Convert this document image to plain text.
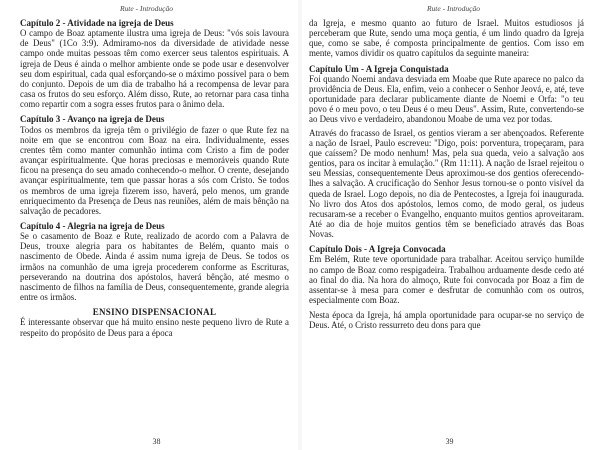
Rute - Introdução
Capítulo 2 - Atividade na igreja de Deus

O campo de Boaz aptamente ilustra uma igreja de Deus: "vós sois lavoura de Deus" (1Co 3:9). Admiramo-nos da diversidade de atividade nesse campo onde muitas pessoas têm como exercer seus talentos espirituais. A igreja de Deus é ainda o melhor ambiente onde se pode usar e desenvolver seu dom espiritual, cada qual esforçando-se o máximo possível para o bem do conjunto. Depois de um dia de trabalho há a recompensa de levar para casa os frutos do seu esforço. Além disso, Rute, ao retornar para casa tinha como repartir com a sogra esses frutos para o ânimo dela.

Capítulo 3 - Avanço na igreja de Deus

Todos os membros da igreja têm o privilégio de fazer o que Rute fez na noite em que se encontrou com Boaz na eira. Individualmente, esses crentes têm como manter comunhão íntima com Cristo a fim de poder avançar espiritualmente. Que horas preciosas e memoráveis quando Rute ficou na presença do seu amado conhecendo-o melhor. O crente, desejando avançar espiritualmente, tem que passar horas a sós com Cristo. Se todos os membros de uma igreja fizerem isso, haverá, pelo menos, um grande enriquecimento da Presença de Deus nas reuniões, além de mais bênção na salvação de pecadores.

Capítulo 4 - Alegria na igreja de Deus

Se o casamento de Boaz e Rute, realizado de acordo com a Palavra de Deus, trouxe alegria para os habitantes de Belém, quanto mais o nascimento de Obede. Ainda é assim numa igreja de Deus. Se todos os irmãos na comunhão de uma igreja procederem conforme as Escrituras, perseverando na doutrina dos apóstolos, haverá bênção, até mesmo o nascimento de filhos na família de Deus, consequentemente, grande alegria entre os irmãos.

ENSINO DISPENSACIONAL

É interessante observar que há muito ensino neste pequeno livro de Rute a respeito do propósito de Deus para a época

38
Rute - Introdução

da Igreja, e mesmo quanto ao futuro de Israel. Muitos estudiosos já perceberam que Rute, sendo uma moça gentia, é um lindo quadro da Igreja que, como se sabe, é composta principalmente de gentios. Com isso em mente, vamos dividir os quatro capítulos da seguinte maneira:

Capítulo Um - A Igreja Conquistada

Foi quando Noemi andava desviada em Moabe que Rute aparece no palco da providência de Deus. Ela, enfim, veio a conhecer o Senhor Jeová, e, até, teve oportunidade para declarar publicamente diante de Noemi e Orfa: "o teu povo é o meu povo, o teu Deus é o meu Deus". Assim, Rute, convertendo-se ao Deus vivo e verdadeiro, abandonou Moabe de uma vez por todas.

Através do fracasso de Israel, os gentios vieram a ser abençoados. Referente a nação de Israel, Paulo escreveu: "Digo, pois: porventura, tropeçaram, para que caíssem? De modo nenhum! Mas, pela sua queda, veio a salvação aos gentios, para os incitar à emulação." (Rm 11:11). A nação de Israel rejeitou o seu Messias, consequentemente Deus aproximou-se dos gentios oferecendo-lhes a salvação. A crucificação do Senhor Jesus tornou-se o ponto visível da queda de Israel. Logo depois, no dia de Pentecostes, a Igreja foi inaugurada. No livro dos Atos dos apóstolos, lemos como, de modo geral, os judeus recusaram-se a receber o Evangelho, enquanto muitos gentios aproveitaram. Até ao dia de hoje muitos gentios têm se beneficiado através das Boas Novas.

Capítulo Dois - A Igreja Convocada

Em Belém, Rute teve oportunidade para trabalhar. Aceitou serviço humilde no campo de Boaz como respigadeira. Trabalhou arduamente desde cedo até ao final do dia. Na hora do almoço, Rute foi convocada por Boaz a fim de assentar-se à mesa para comer e desfrutar de comunhão com os outros, especialmente com Boaz.

Nesta época da Igreja, há ampla oportunidade para ocupar-se no serviço de Deus. Até, o Cristo ressurreto deu dons para que

39
